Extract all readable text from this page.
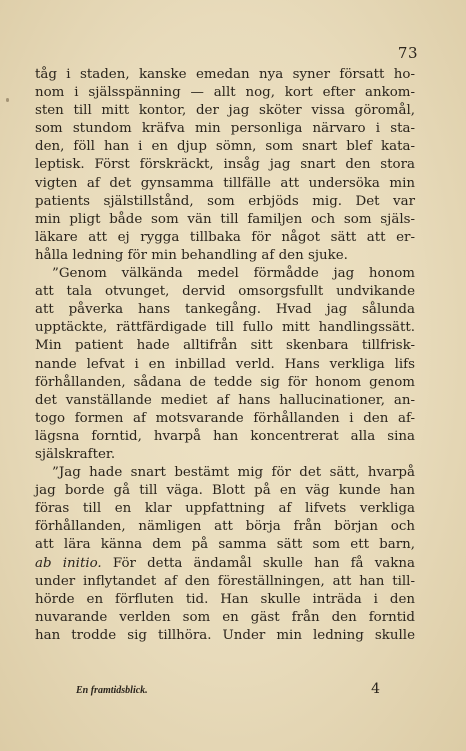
73
tåg i staden, kanske emedan nya syner försatt ho-
nom i själsspänning — allt nog, kort efter ankom-
sten till mitt kontor, der jag sköter vissa göromål,
som stundom kräfva min personliga närvaro i sta-
den, föll han i en djup sömn, som snart blef kata-
leptisk. Först förskräckt, insåg jag snart den stora
vigten af det gynsamma tillfälle att undersöka min
patients själstillstånd, som erbjöds mig. Det var
min pligt både som vän till familjen och som själs-
läkare att ej rygga tillbaka för något sätt att er-
hålla ledning för min behandling af den sjuke.
”Genom välkända medel förmådde jag honom
att tala otvunget, dervid omsorgsfullt undvikande
att påverka hans tankegång. Hvad jag sålunda
upptäckte, rättfärdigade till fullo mitt handlingssätt.
Min patient hade alltifrån sitt skenbara tillfrisk-
nande lefvat i en inbillad verld. Hans verkliga lifs
förhållanden, sådana de tedde sig för honom genom
det vanställande mediet af hans hallucinationer, an-
togo formen af motsvarande förhållanden i den af-
lägsna forntid, hvarpå han koncentrerat alla sina
själskrafter.
”Jag hade snart bestämt mig för det sätt, hvarpå
jag borde gå till väga. Blott på en väg kunde han
föras till en klar uppfattning af lifvets verkliga
förhållanden, nämligen att börja från början och
att lära känna dem på samma sätt som ett barn,
ab initio. För detta ändamål skulle han få vakna
under inflytandet af den föreställningen, att han till-
hörde en förfluten tid. Han skulle inträda i den
nuvarande verlden som en gäst från den forntid
han trodde sig tillhöra. Under min ledning skulle
En framtidsblick.	4
